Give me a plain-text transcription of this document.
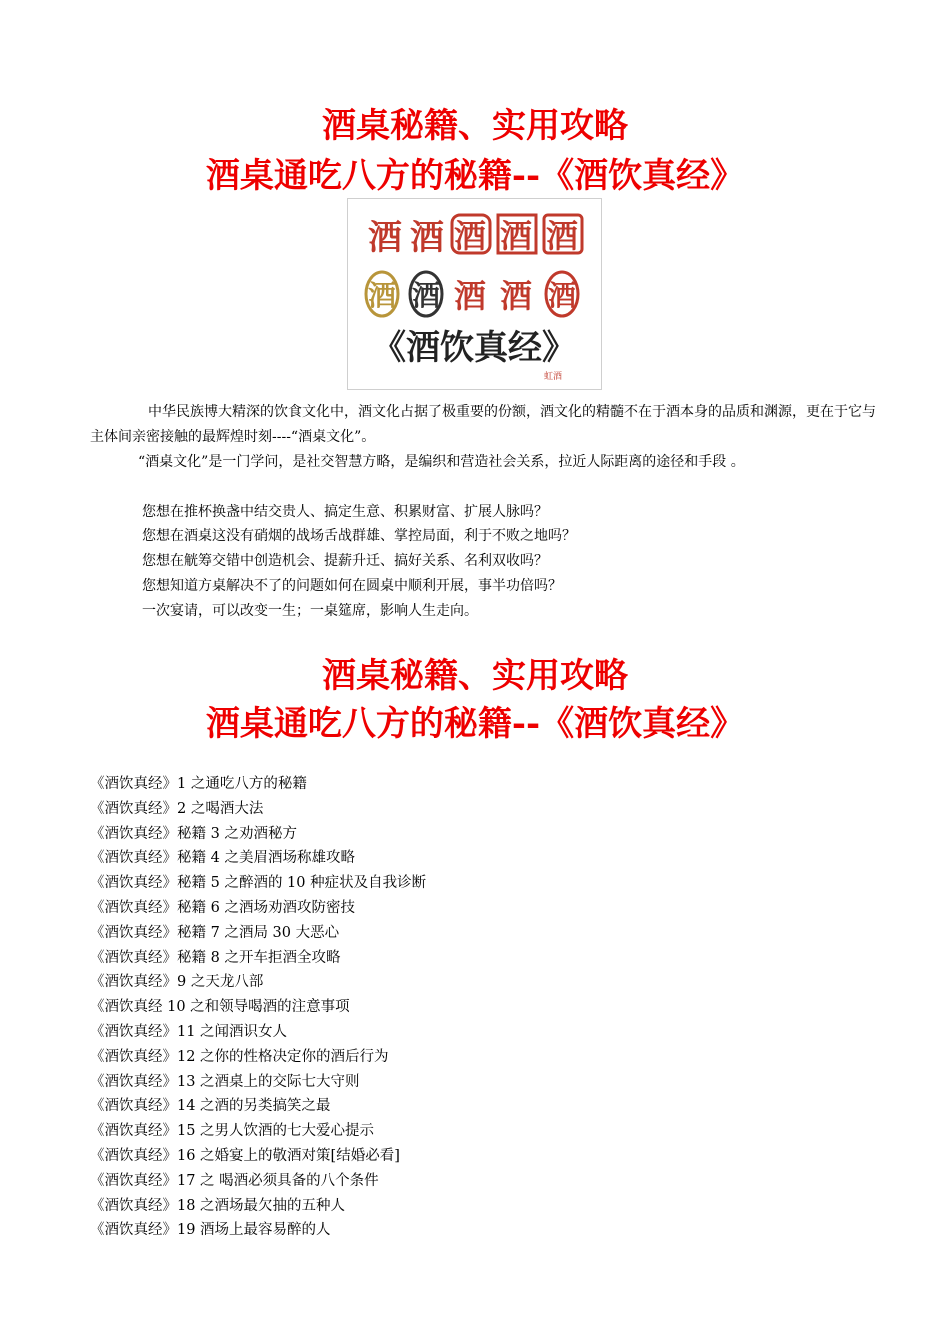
酒桌秘籍、实用攻略
酒桌通吃八方的秘籍--《酒饮真经》
酒 酒 酒 酒 酒
酒 酒 酒 酒 酒
《酒饮真经》
虹酒
中华民族博大精深的饮食文化中，酒文化占据了极重要的份额，酒文化的精髓不在于酒本身的品质和渊源，更在于它与主体间亲密接触的最辉煌时刻----“酒桌文化”。
“酒桌文化”是一门学问，是社交智慧方略，是编织和营造社会关系，拉近人际距离的途径和手段 。
您想在推杯换盏中结交贵人、搞定生意、积累财富、扩展人脉吗？
您想在酒桌这没有硝烟的战场舌战群雄、掌控局面，利于不败之地吗？
您想在觥筹交错中创造机会、提薪升迁、搞好关系、名利双收吗？
您想知道方桌解决不了的问题如何在圆桌中顺利开展，事半功倍吗？
一次宴请，可以改变一生；一桌筵席，影响人生走向。
酒桌秘籍、实用攻略
酒桌通吃八方的秘籍--《酒饮真经》
《酒饮真经》1 之通吃八方的秘籍
《酒饮真经》2 之喝酒大法
《酒饮真经》秘籍 3 之劝酒秘方
《酒饮真经》秘籍 4 之美眉酒场称雄攻略
《酒饮真经》秘籍 5 之醉酒的 10 种症状及自我诊断
《酒饮真经》秘籍 6 之酒场劝酒攻防密技
《酒饮真经》秘籍 7 之酒局 30 大恶心
《酒饮真经》秘籍 8 之开车拒酒全攻略
《酒饮真经》9 之天龙八部
《酒饮真经 10 之和领导喝酒的注意事项
《酒饮真经》11 之闻酒识女人
《酒饮真经》12 之你的性格决定你的酒后行为
《酒饮真经》13 之酒桌上的交际七大守则
《酒饮真经》14 之酒的另类搞笑之最
《酒饮真经》15 之男人饮酒的七大爱心提示
《酒饮真经》16 之婚宴上的敬酒对策[结婚必看]
《酒饮真经》17 之 喝酒必须具备的八个条件
《酒饮真经》18 之酒场最欠抽的五种人
《酒饮真经》19 酒场上最容易醉的人
